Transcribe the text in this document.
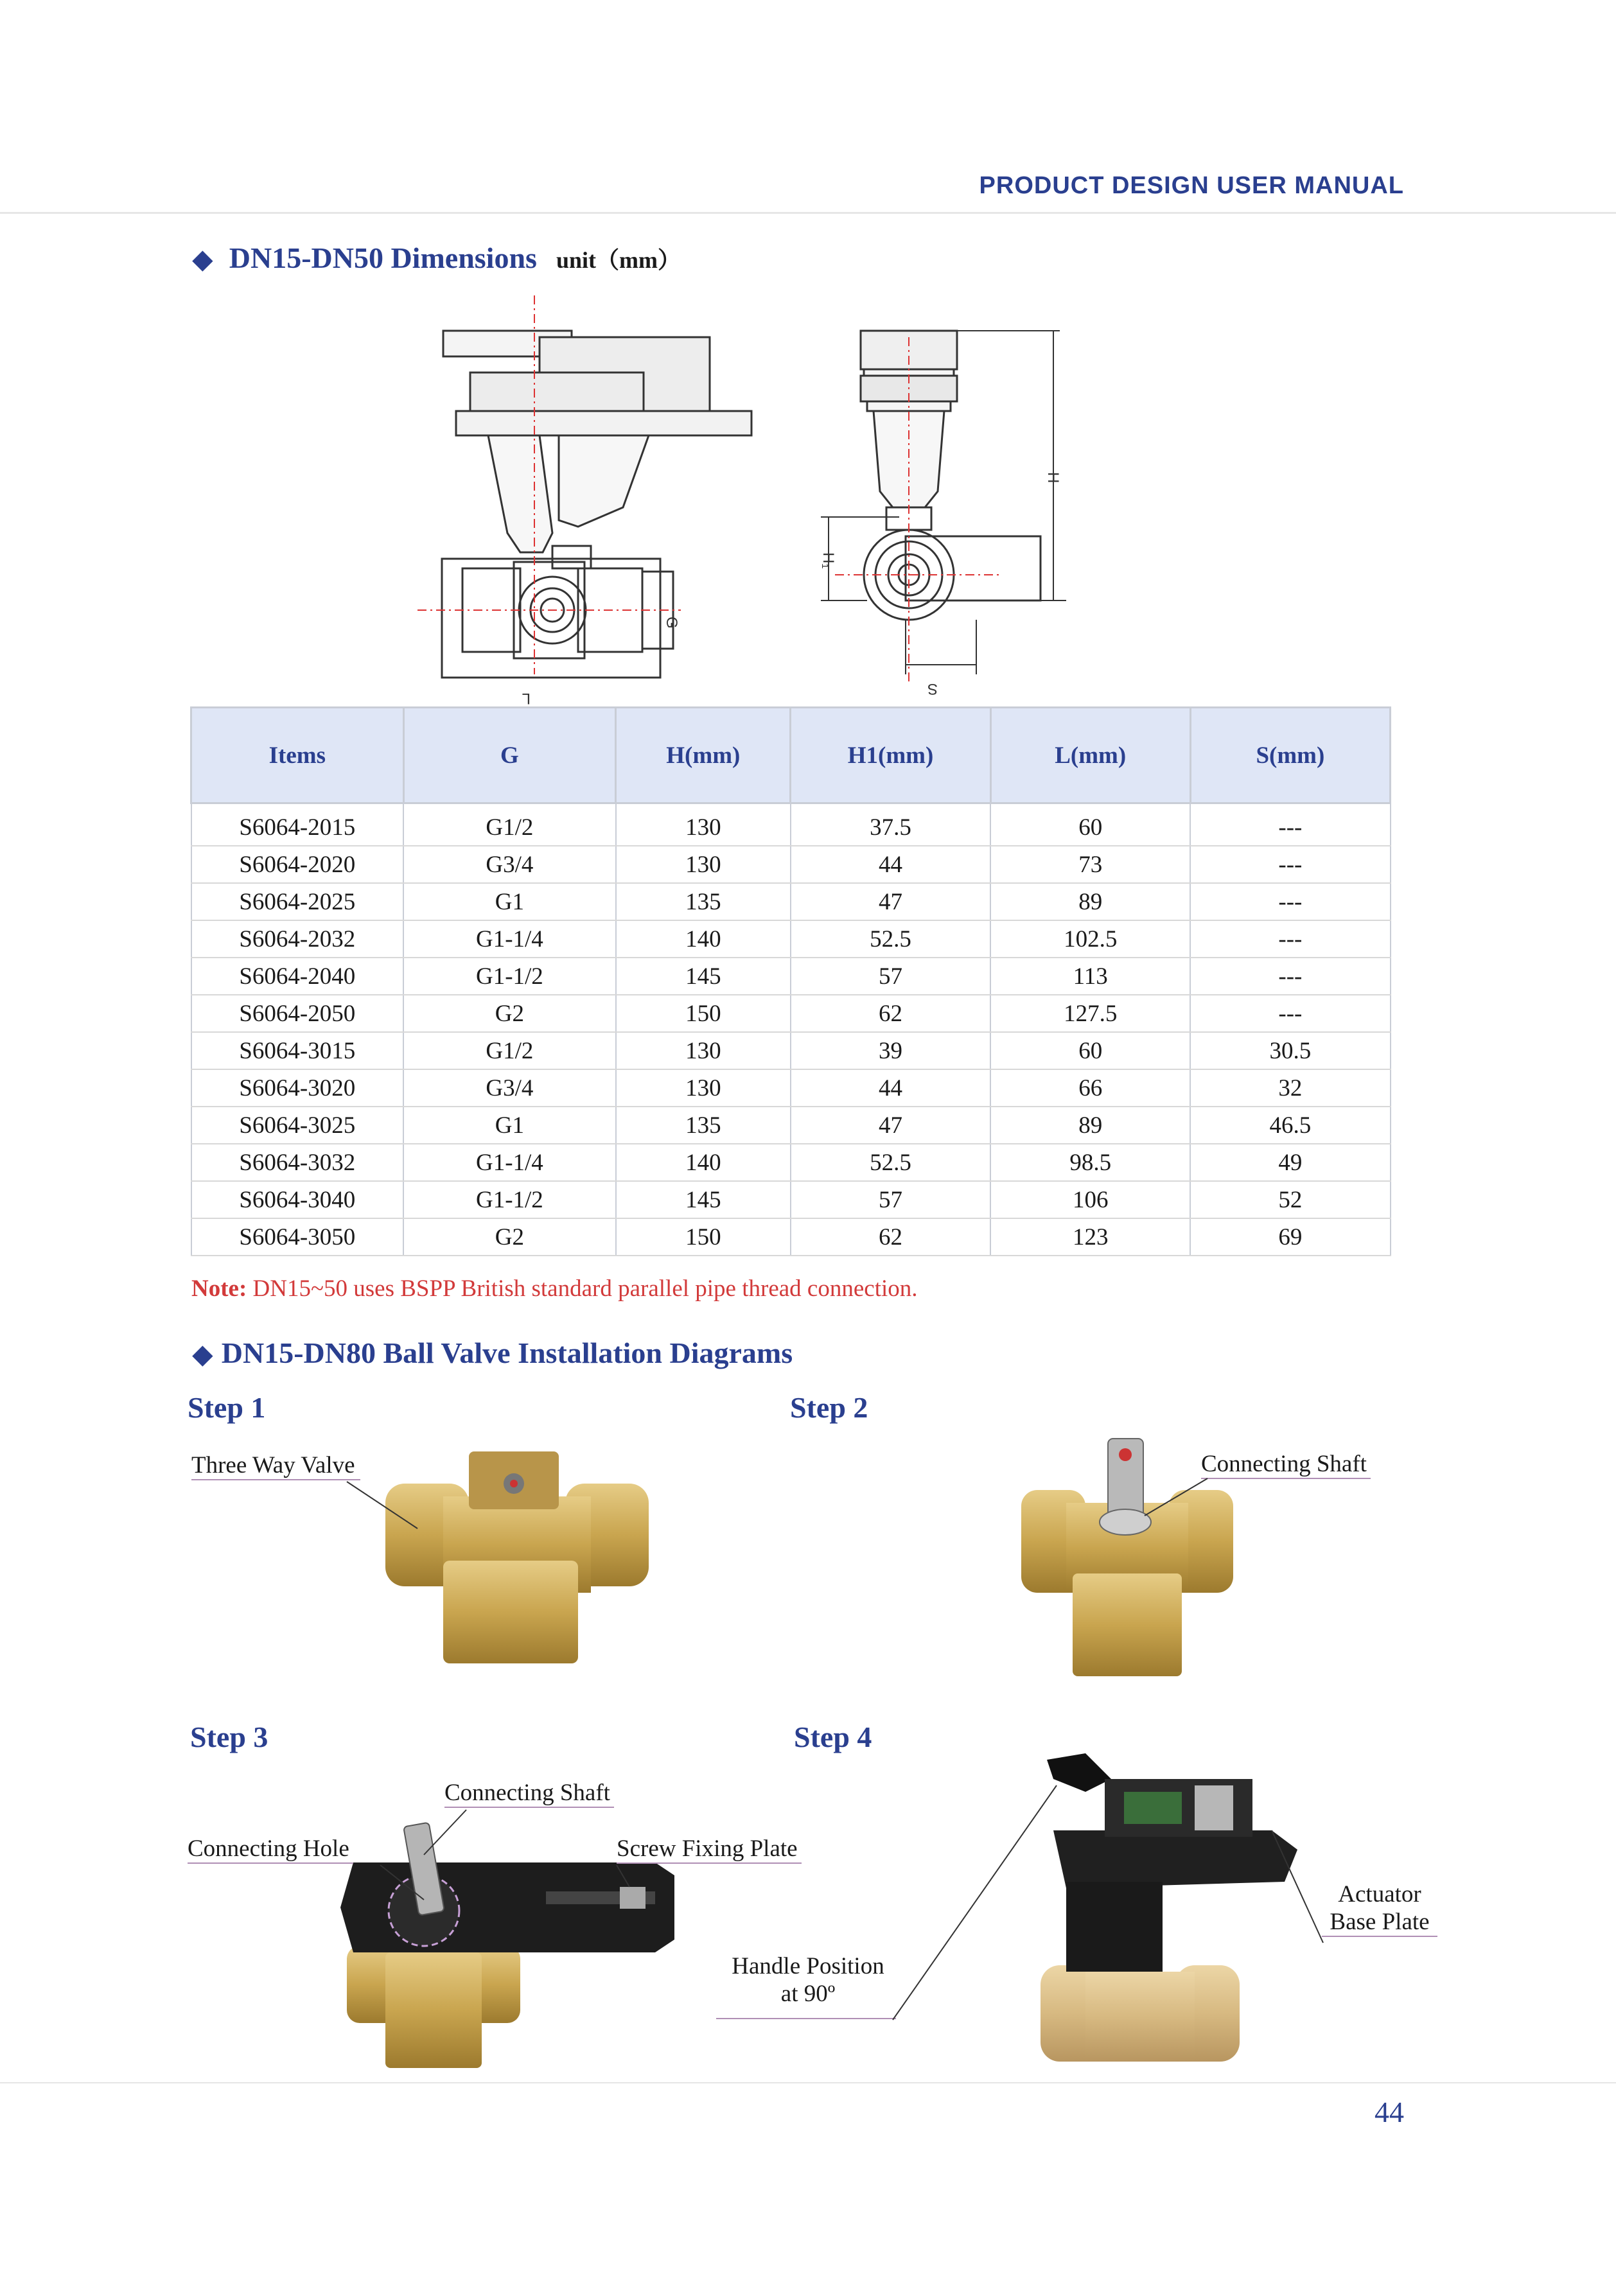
PRODUCT DESIGN USER MANUAL
◆ DN15-DN50 Dimensions unit（mm）
G
L
H
H₁
S
Items	G	H(mm)	H1(mm)	L(mm)	S(mm)
S6064-2015	G1/2	130	37.5	60	---
S6064-2020	G3/4	130	44	73	---
S6064-2025	G1	135	47	89	---
S6064-2032	G1-1/4	140	52.5	102.5	---
S6064-2040	G1-1/2	145	57	113	---
S6064-2050	G2	150	62	127.5	---
S6064-3015	G1/2	130	39	60	30.5
S6064-3020	G3/4	130	44	66	32
S6064-3025	G1	135	47	89	46.5
S6064-3032	G1-1/4	140	52.5	98.5	49
S6064-3040	G1-1/2	145	57	106	52
S6064-3050	G2	150	62	123	69
Note: DN15~50 uses BSPP British standard parallel pipe thread connection.
◆ DN15-DN80 Ball Valve Installation Diagrams
Step 1	Step 2
Step 3	Step 4
Three Way Valve	Connecting Shaft
Connecting Shaft
Connecting Hole	Screw Fixing Plate
Handle Position
at 90º
Actuator
Base Plate
44
